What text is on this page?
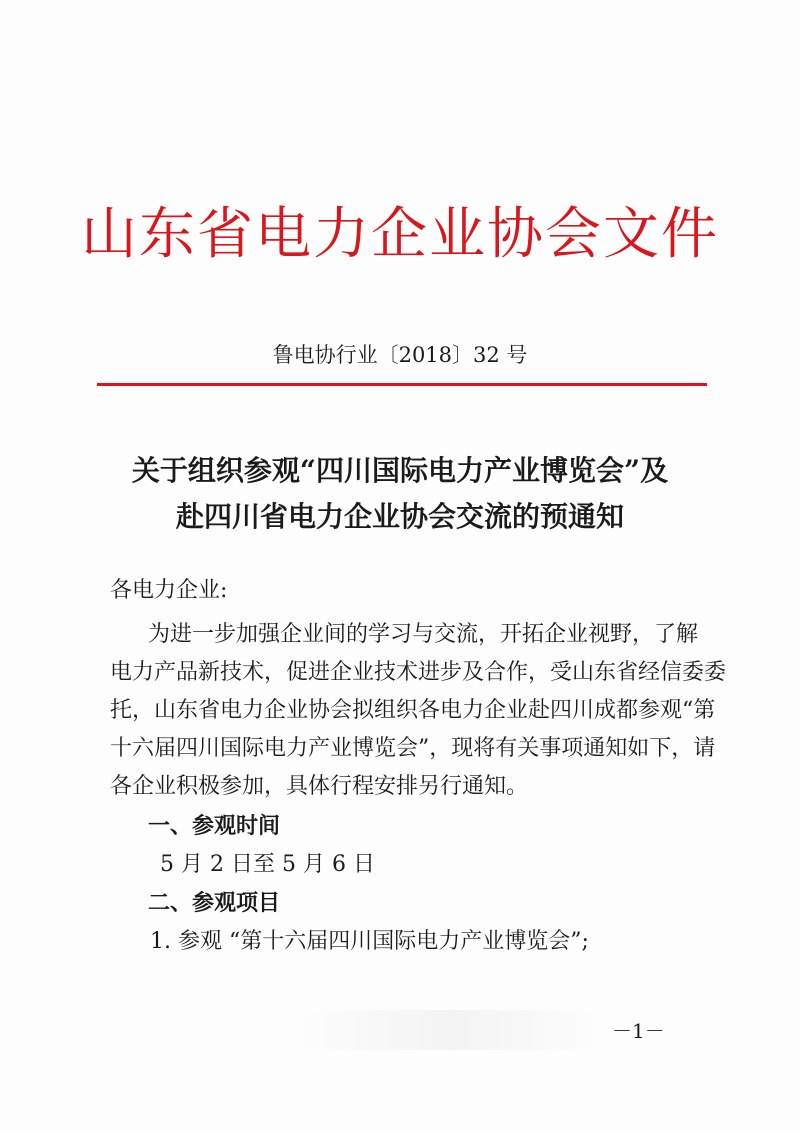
山东省电力企业协会文件
鲁电协行业〔2018〕32 号
关于组织参观“四川国际电力产业博览会”及
赴四川省电力企业协会交流的预通知
各电力企业:
为进一步加强企业间的学习与交流，开拓企业视野，了解
电力产品新技术，促进企业技术进步及合作，受山东省经信委委
托，山东省电力企业协会拟组织各电力企业赴四川成都参观“第
十六届四川国际电力产业博览会”，现将有关事项通知如下，请
各企业积极参加，具体行程安排另行通知。
一、参观时间
5 月 2 日至 5 月 6 日
二、参观项目
1. 参观 “第十六届四川国际电力产业博览会”;
－1－
